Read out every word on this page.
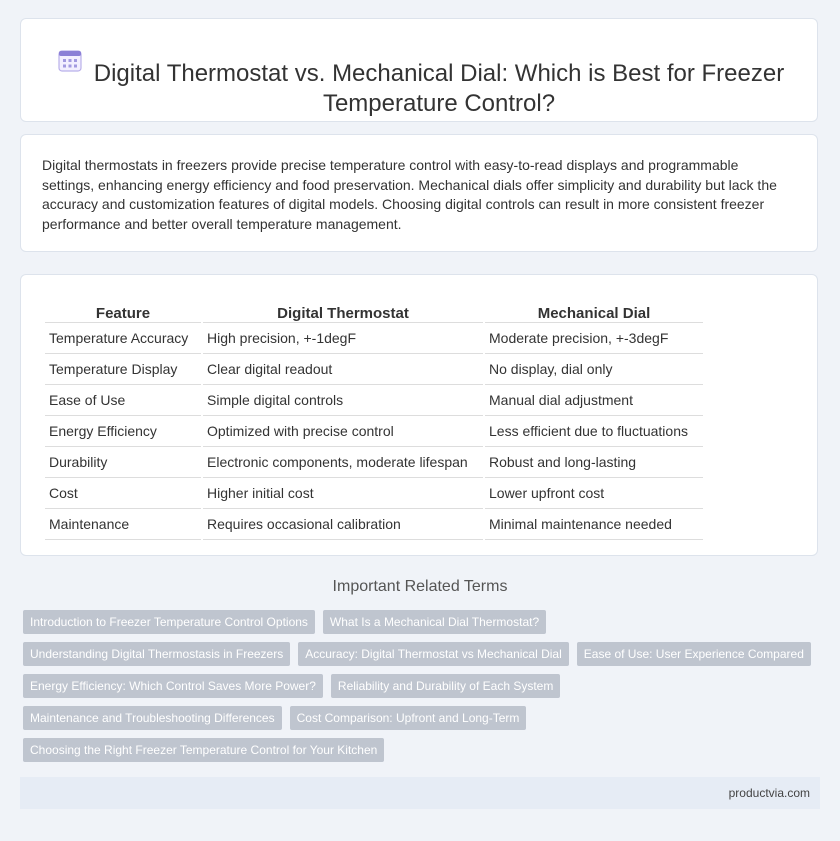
Digital Thermostat vs. Mechanical Dial: Which is Best for Freezer Temperature Control?

Digital thermostats in freezers provide precise temperature control with easy-to-read displays and programmable settings, enhancing energy efficiency and food preservation. Mechanical dials offer simplicity and durability but lack the accuracy and customization features of digital models. Choosing digital controls can result in more consistent freezer performance and better overall temperature management.

Feature	Digital Thermostat	Mechanical Dial
Temperature Accuracy	High precision, +-1degF	Moderate precision, +-3degF
Temperature Display	Clear digital readout	No display, dial only
Ease of Use	Simple digital controls	Manual dial adjustment
Energy Efficiency	Optimized with precise control	Less efficient due to fluctuations
Durability	Electronic components, moderate lifespan	Robust and long-lasting
Cost	Higher initial cost	Lower upfront cost
Maintenance	Requires occasional calibration	Minimal maintenance needed
Important Related Terms
Introduction to Freezer Temperature Control Options	What Is a Mechanical Dial Thermostat?
Understanding Digital Thermostasis in Freezers	Accuracy: Digital Thermostat vs Mechanical Dial	Ease of Use: User Experience Compared
Energy Efficiency: Which Control Saves More Power?	Reliability and Durability of Each System
Maintenance and Troubleshooting Differences	Cost Comparison: Upfront and Long-Term
Choosing the Right Freezer Temperature Control for Your Kitchen
productvia.com
